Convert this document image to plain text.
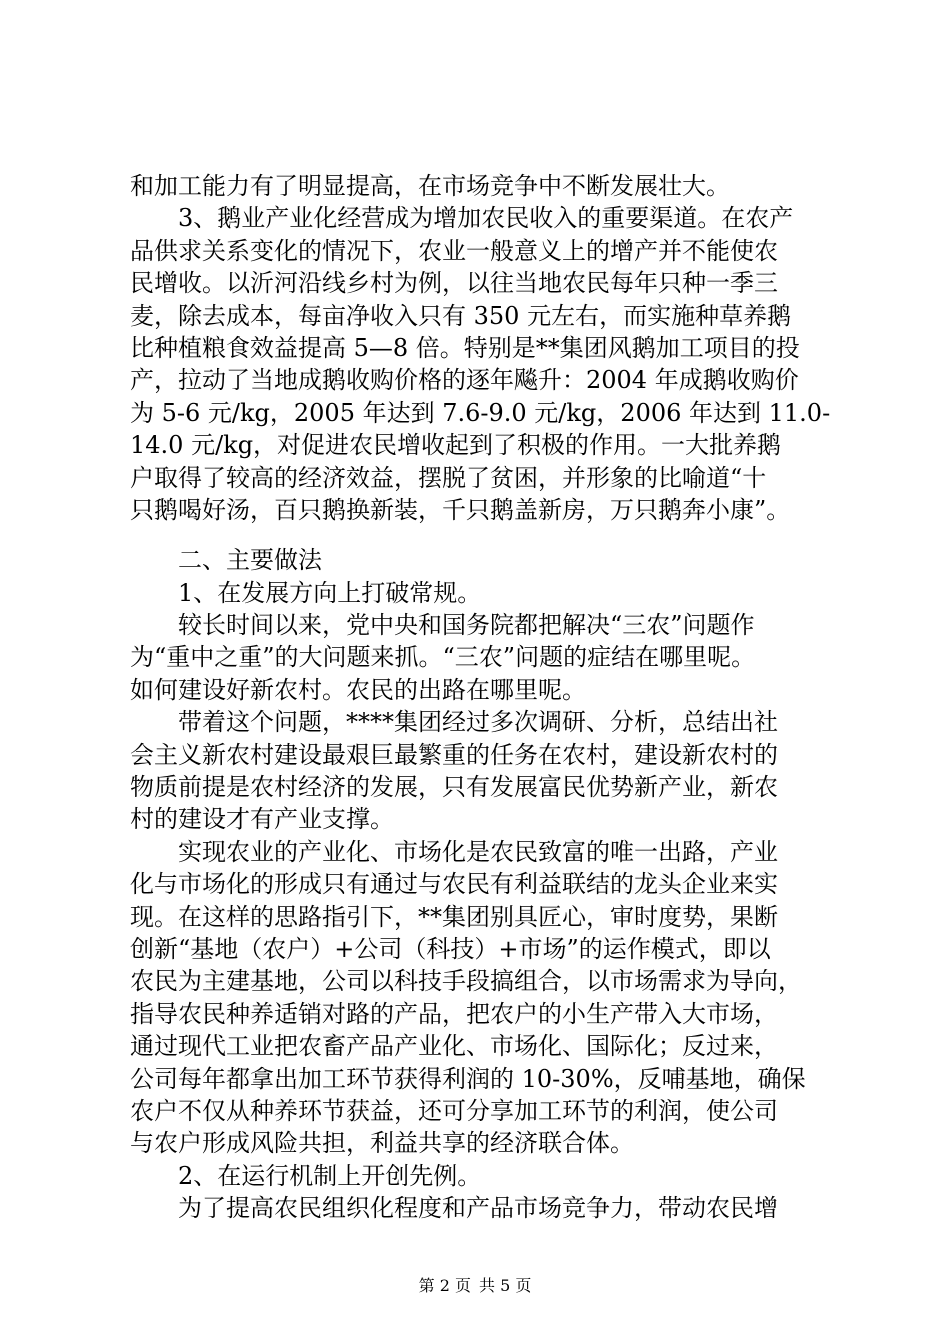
和加工能力有了明显提高，在市场竞争中不断发展壮大。
3、鹅业产业化经营成为增加农民收入的重要渠道。在农产
品供求关系变化的情况下，农业一般意义上的增产并不能使农
民增收。以沂河沿线乡村为例，以往当地农民每年只种一季三
麦，除去成本，每亩净收入只有 350 元左右，而实施种草养鹅
比种植粮食效益提高 5—8 倍。特别是**集团风鹅加工项目的投
产，拉动了当地成鹅收购价格的逐年飚升：2004 年成鹅收购价
为 5-6 元/kg，2005 年达到 7.6-9.0 元/kg，2006 年达到 11.0-
14.0 元/kg，对促进农民增收起到了积极的作用。一大批养鹅
户取得了较高的经济效益，摆脱了贫困，并形象的比喻道“十
只鹅喝好汤，百只鹅换新装，千只鹅盖新房，万只鹅奔小康”。
二、主要做法
1、在发展方向上打破常规。
较长时间以来，党中央和国务院都把解决“三农”问题作
为“重中之重”的大问题来抓。“三农”问题的症结在哪里呢。
如何建设好新农村。农民的出路在哪里呢。
带着这个问题，****集团经过多次调研、分析，总结出社
会主义新农村建设最艰巨最繁重的任务在农村，建设新农村的
物质前提是农村经济的发展，只有发展富民优势新产业，新农
村的建设才有产业支撑。
实现农业的产业化、市场化是农民致富的唯一出路，产业
化与市场化的形成只有通过与农民有利益联结的龙头企业来实
现。在这样的思路指引下，**集团别具匠心，审时度势，果断
创新“基地（农户）+公司（科技）+市场”的运作模式，即以
农民为主建基地，公司以科技手段搞组合，以市场需求为导向，
指导农民种养适销对路的产品，把农户的小生产带入大市场，
通过现代工业把农畜产品产业化、市场化、国际化；反过来，
公司每年都拿出加工环节获得利润的 10-30%，反哺基地，确保
农户不仅从种养环节获益，还可分享加工环节的利润，使公司
与农户形成风险共担，利益共享的经济联合体。
2、在运行机制上开创先例。
为了提高农民组织化程度和产品市场竞争力，带动农民增
第 2 页 共 5 页
